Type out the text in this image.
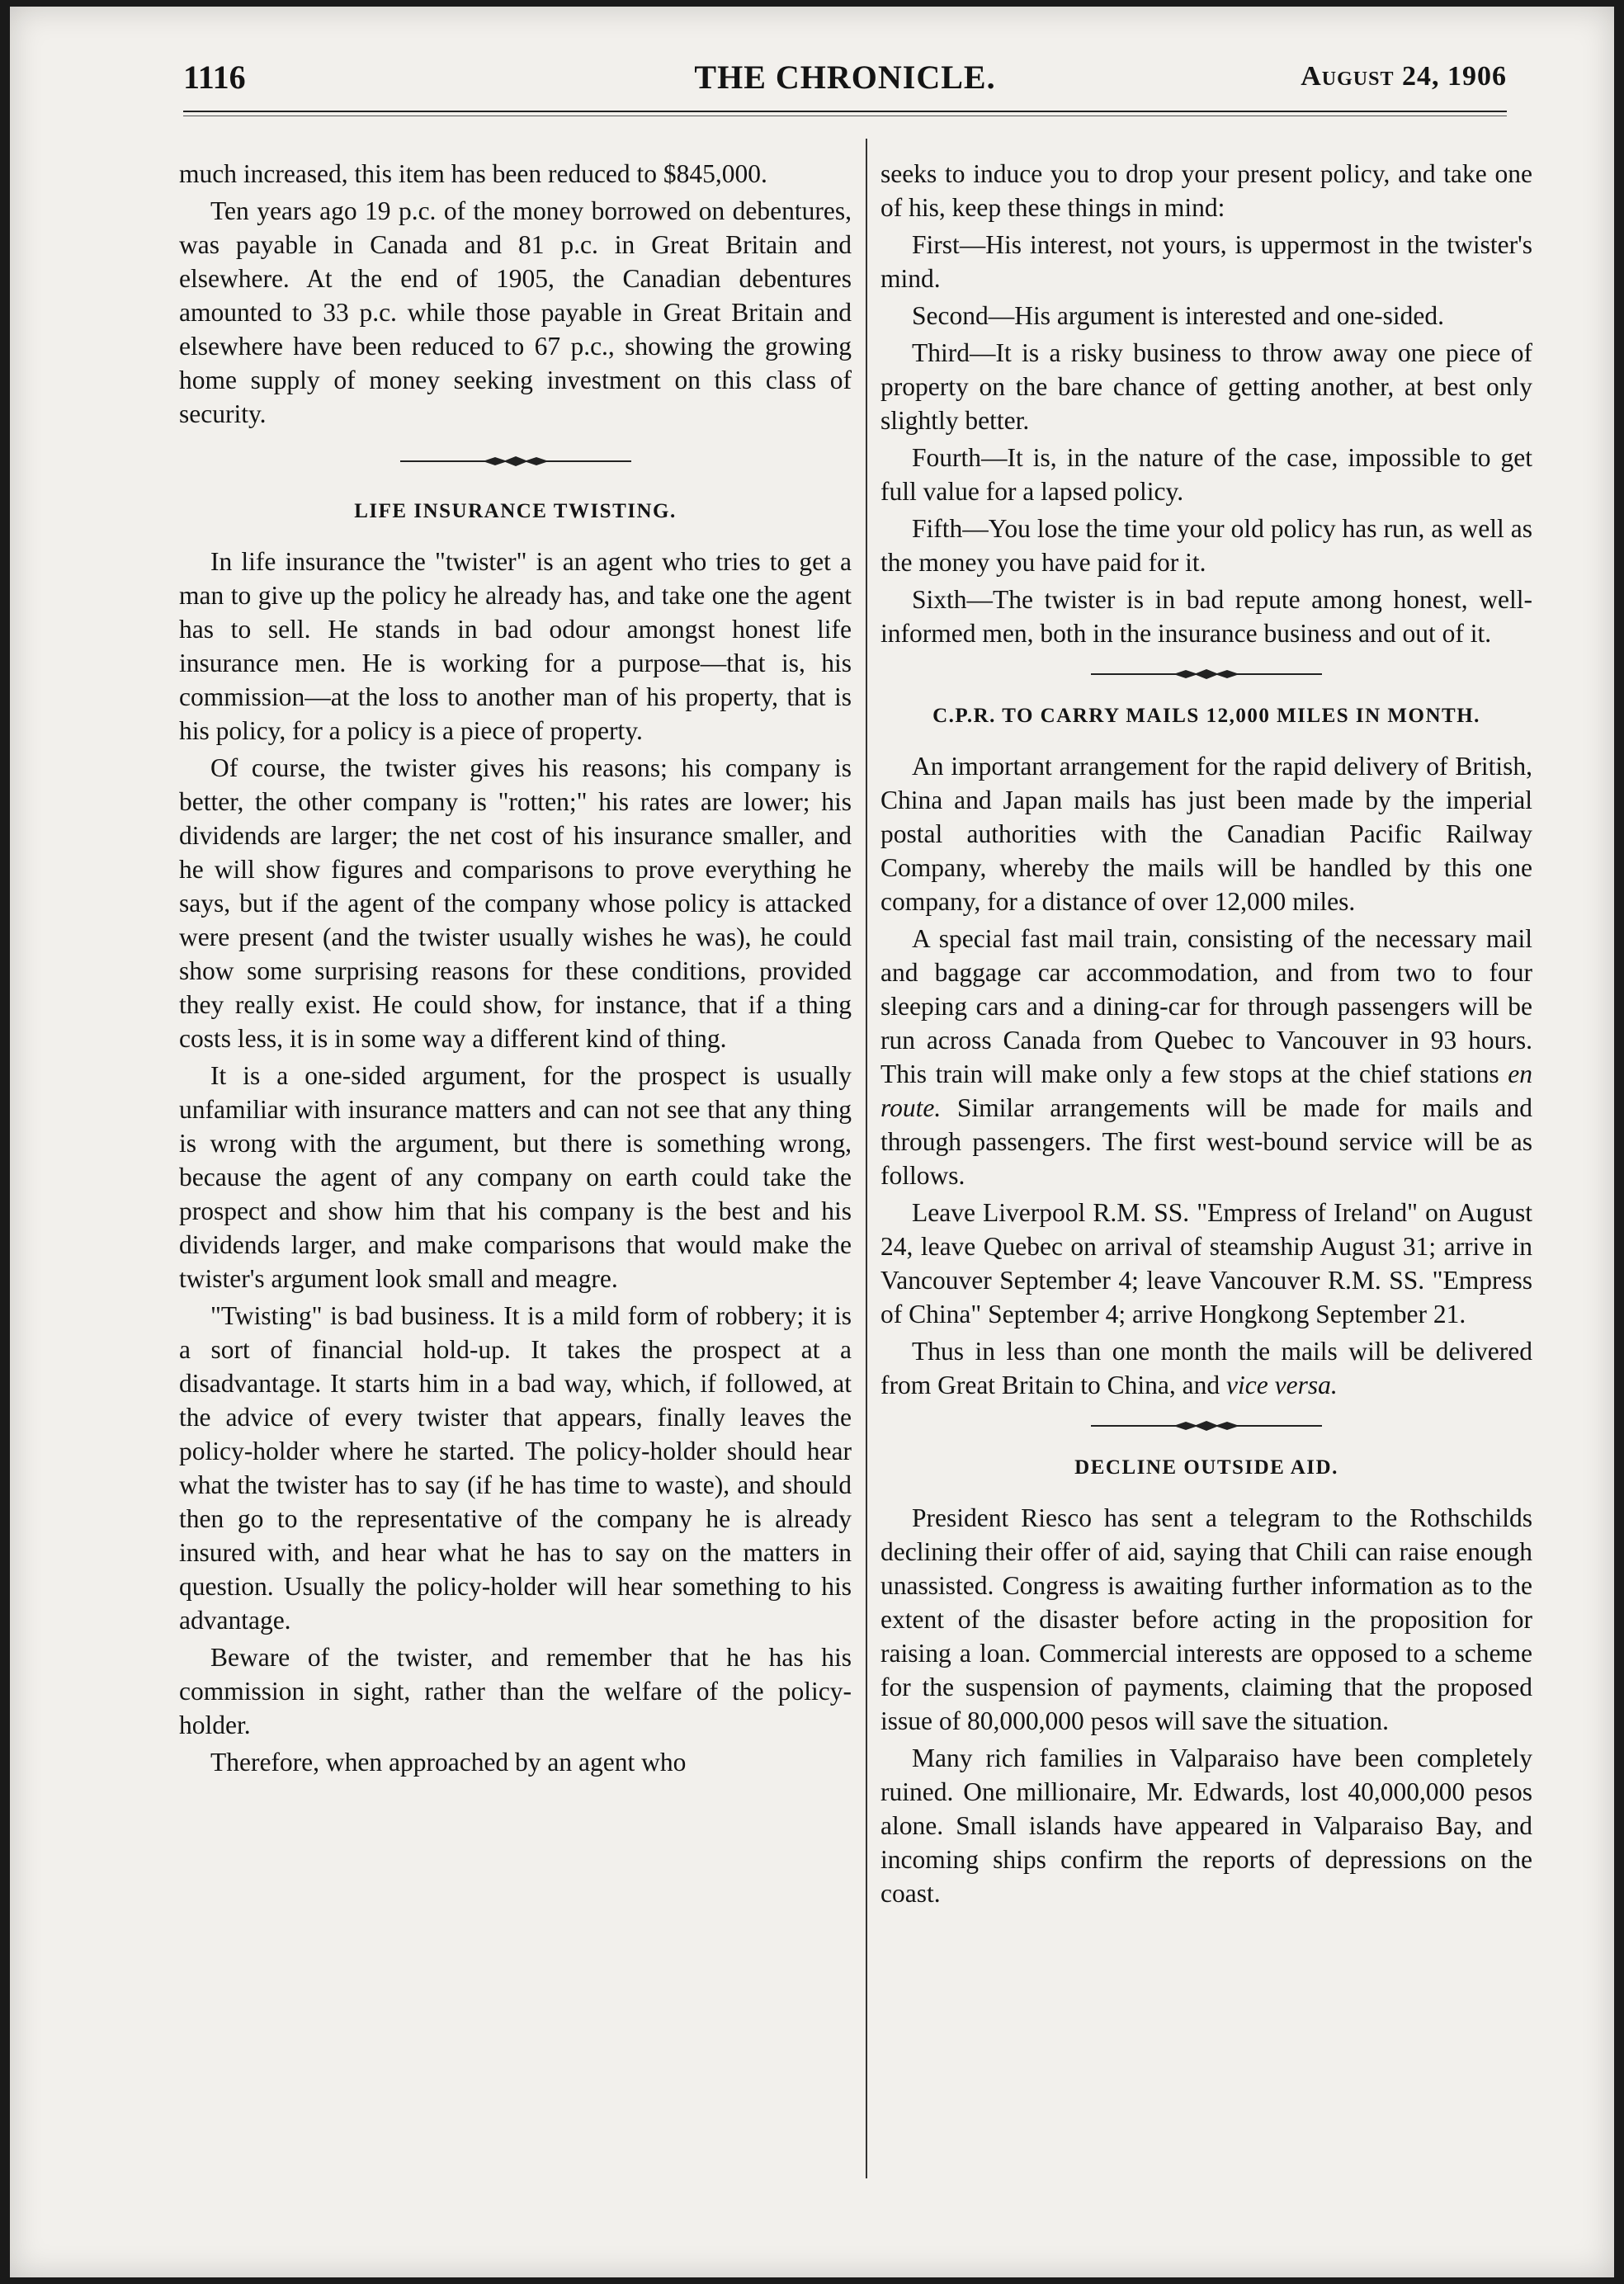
1116	THE CHRONICLE.	August 24, 1906

much increased, this item has been reduced to $845,000.

Ten years ago 19 p.c. of the money borrowed on debentures, was payable in Canada and 81 p.c. in Great Britain and elsewhere. At the end of 1905, the Canadian debentures amounted to 33 p.c. while those payable in Great Britain and elsewhere have been reduced to 67 p.c., showing the growing home supply of money seeking investment on this class of security.

LIFE INSURANCE TWISTING.

In life insurance the "twister" is an agent who tries to get a man to give up the policy he already has, and take one the agent has to sell. He stands in bad odour amongst honest life insurance men. He is working for a purpose—that is, his commission—at the loss to another man of his property, that is his policy, for a policy is a piece of property.

Of course, the twister gives his reasons; his company is better, the other company is "rotten;" his rates are lower; his dividends are larger; the net cost of his insurance smaller, and he will show figures and comparisons to prove everything he says, but if the agent of the company whose policy is attacked were present (and the twister usually wishes he was), he could show some surprising reasons for these conditions, provided they really exist. He could show, for instance, that if a thing costs less, it is in some way a different kind of thing.

It is a one-sided argument, for the prospect is usually unfamiliar with insurance matters and can not see that any thing is wrong with the argument, but there is something wrong, because the agent of any company on earth could take the prospect and show him that his company is the best and his dividends larger, and make comparisons that would make the twister's argument look small and meagre.

"Twisting" is bad business. It is a mild form of robbery; it is a sort of financial hold-up. It takes the prospect at a disadvantage. It starts him in a bad way, which, if followed, at the advice of every twister that appears, finally leaves the policy-holder where he started. The policy-holder should hear what the twister has to say (if he has time to waste), and should then go to the representative of the company he is already insured with, and hear what he has to say on the matters in question. Usually the policy-holder will hear something to his advantage.

Beware of the twister, and remember that he has his commission in sight, rather than the welfare of the policy-holder.

Therefore, when approached by an agent who

seeks to induce you to drop your present policy, and take one of his, keep these things in mind:

First—His interest, not yours, is uppermost in the twister's mind.

Second—His argument is interested and one-sided.

Third—It is a risky business to throw away one piece of property on the bare chance of getting another, at best only slightly better.

Fourth—It is, in the nature of the case, impossible to get full value for a lapsed policy.

Fifth—You lose the time your old policy has run, as well as the money you have paid for it.

Sixth—The twister is in bad repute among honest, well-informed men, both in the insurance business and out of it.

C.P.R. TO CARRY MAILS 12,000 MILES IN MONTH.

An important arrangement for the rapid delivery of British, China and Japan mails has just been made by the imperial postal authorities with the Canadian Pacific Railway Company, whereby the mails will be handled by this one company, for a distance of over 12,000 miles.

A special fast mail train, consisting of the necessary mail and baggage car accommodation, and from two to four sleeping cars and a dining-car for through passengers will be run across Canada from Quebec to Vancouver in 93 hours. This train will make only a few stops at the chief stations en route. Similar arrangements will be made for mails and through passengers. The first west-bound service will be as follows.

Leave Liverpool R.M. SS. "Empress of Ireland" on August 24, leave Quebec on arrival of steamship August 31; arrive in Vancouver September 4; leave Vancouver R.M. SS. "Empress of China" September 4; arrive Hongkong September 21.

Thus in less than one month the mails will be delivered from Great Britain to China, and vice versa.

DECLINE OUTSIDE AID.

President Riesco has sent a telegram to the Rothschilds declining their offer of aid, saying that Chili can raise enough unassisted. Congress is awaiting further information as to the extent of the disaster before acting in the proposition for raising a loan. Commercial interests are opposed to a scheme for the suspension of payments, claiming that the proposed issue of 80,000,000 pesos will save the situation.

Many rich families in Valparaiso have been completely ruined. One millionaire, Mr. Edwards, lost 40,000,000 pesos alone. Small islands have appeared in Valparaiso Bay, and incoming ships confirm the reports of depressions on the coast.
